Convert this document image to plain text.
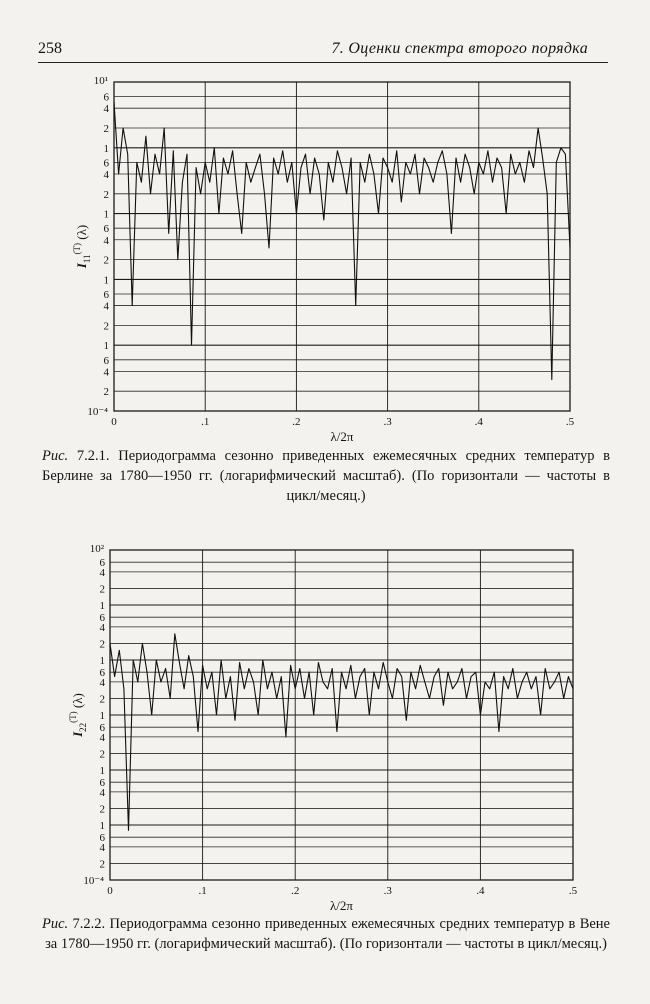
258	7. Оценки спектра второго порядка
6
4
2
1
6
4
2
1
6
4
2
1
6
4
2
1
6
4
2
10¹
10⁻⁴
0	.1	.2	.3	.4	.5
λ/2π
$I_{11}^{(T)}$ (λ)
Рис. 7.2.1. Периодограмма сезонно приведенных ежемесячных средних температур в Берлине за 1780—1950 гг. (логарифмический масштаб). (По горизонтали — частоты в цикл/месяц.)
6
4
2
1
6
4
2
1
6
4
2
1
6
4
2
1
6
4
2
1
6
4
2
10²
10⁻⁴
0	.1	.2	.3	.4	.5
λ/2π
$I_{22}^{(T)}$ (λ)
Рис. 7.2.2. Периодограмма сезонно приведенных ежемесячных средних температур в Вене за 1780—1950 гг. (логарифмический масштаб). (По горизонтали — частоты в цикл/месяц.)
